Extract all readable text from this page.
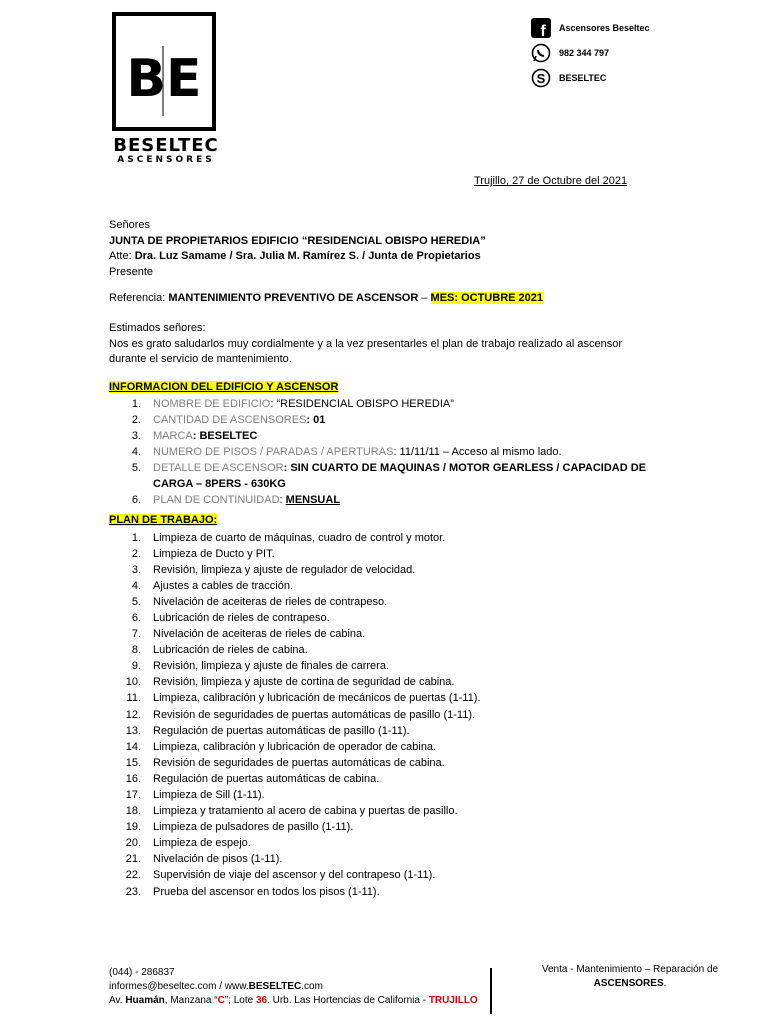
BE
BESELTEC
ASCENSORES
f Ascensores Beseltec
982 344 797
S BESELTEC
Trujillo, 27 de Octubre del 2021
Señores
JUNTA DE PROPIETARIOS EDIFICIO “RESIDENCIAL OBISPO HEREDIA”
Atte: Dra. Luz Samame / Sra. Julia M. Ramírez S. / Junta de Propietarios
Presente
Referencia: MANTENIMIENTO PREVENTIVO DE ASCENSOR – MES: OCTUBRE 2021
Estimados señores:
Nos es grato saludarlos muy cordialmente y a la vez presentarles el plan de trabajo realizado al ascensor
durante el servicio de mantenimiento.
INFORMACION DEL EDIFICIO Y ASCENSOR
1.	NOMBRE DE EDIFICIO: “RESIDENCIAL OBISPO HEREDIA”
2.	CANTIDAD DE ASCENSORES: 01
3.	MARCA: BESELTEC
4.	NUMERO DE PISOS / PARADAS / APERTURAS: 11/11/11 – Acceso al mismo lado.
5.	DETALLE DE ASCENSOR: SIN CUARTO DE MAQUINAS / MOTOR GEARLESS / CAPACIDAD DE
CARGA – 8PERS - 630KG
6.	PLAN DE CONTINUIDAD: MENSUAL
PLAN DE TRABAJO:
1.	Limpieza de cuarto de máquinas, cuadro de control y motor.
2.	Limpieza de Ducto y PIT.
3.	Revisión, limpieza y ajuste de regulador de velocidad.
4.	Ajustes a cables de tracción.
5.	Nivelación de aceiteras de rieles de contrapeso.
6.	Lubricación de rieles de contrapeso.
7.	Nivelación de aceiteras de rieles de cabina.
8.	Lubricación de rieles de cabina.
9.	Revisión, limpieza y ajuste de finales de carrera.
10.	Revisión, limpieza y ajuste de cortina de seguridad de cabina.
11.	Limpieza, calibración y lubricación de mecánicos de puertas (1-11).
12.	Revisión de seguridades de puertas automáticas de pasillo (1-11).
13.	Regulación de puertas automáticas de pasillo (1-11).
14.	Limpieza, calibración y lubricación de operador de cabina.
15.	Revisión de seguridades de puertas automáticas de cabina.
16.	Regulación de puertas automáticas de cabina.
17.	Limpieza de Sill (1-11).
18.	Limpieza y tratamiento al acero de cabina y puertas de pasillo.
19.	Limpieza de pulsadores de pasillo (1-11).
20.	Limpieza de espejo.
21.	Nivelación de pisos (1-11).
22.	Supervisión de viaje del ascensor y del contrapeso (1-11).
23.	Prueba del ascensor en todos los pisos (1-11).
(044) - 286837
informes@beseltec.com / www.BESELTEC.com
Av. Huamán, Manzana “C”; Lote 36. Urb. Las Hortencias de California - TRUJILLO
Venta - Mantenimiento – Reparación de
ASCENSORES.
